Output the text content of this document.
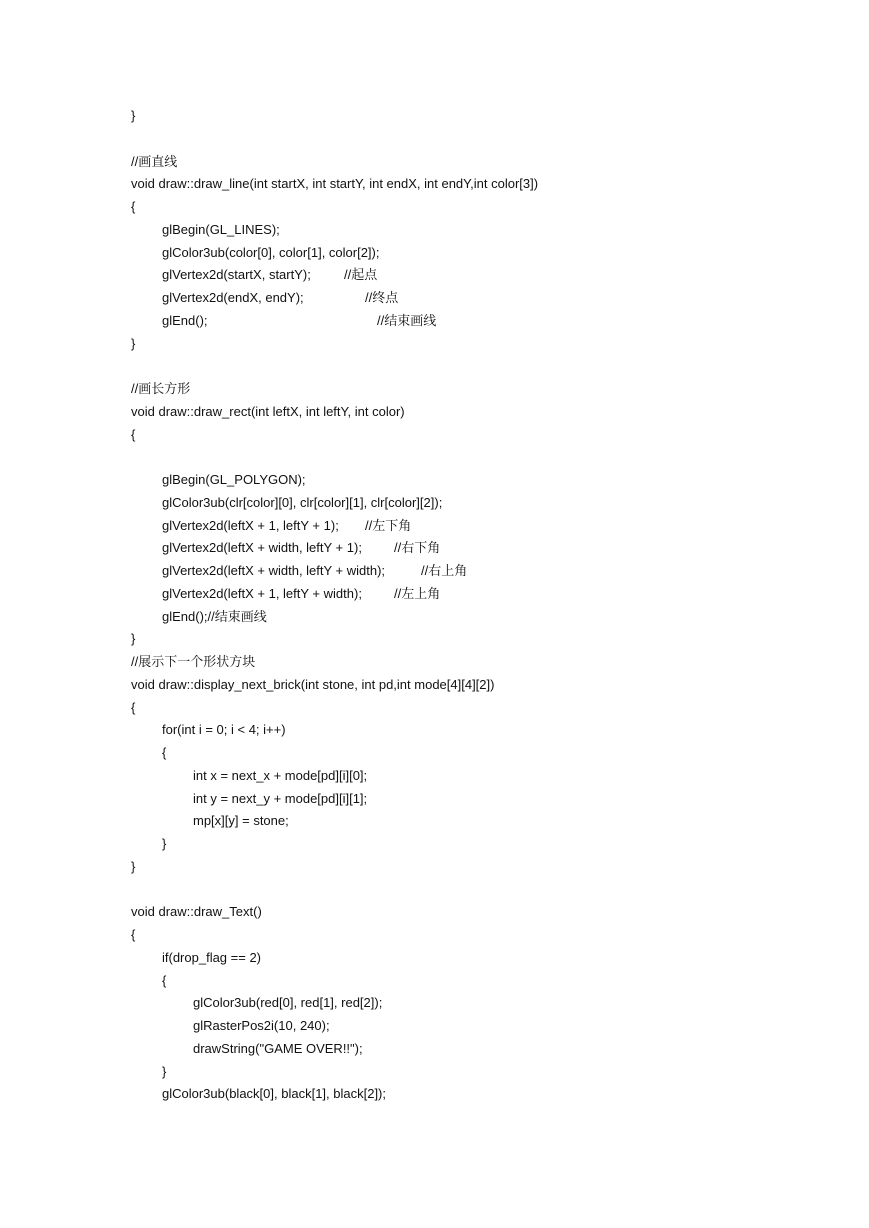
}
//画直线
void draw::draw_line(int startX, int startY, int endX, int endY,int color[3])
{
glBegin(GL_LINES);
glColor3ub(color[0], color[1], color[2]);
glVertex2d(startX, startY);	//起点
glVertex2d(endX, endY);	//终点
glEnd();	//结束画线
}
//画长方形
void draw::draw_rect(int leftX, int leftY, int color)
{
glBegin(GL_POLYGON);
glColor3ub(clr[color][0], clr[color][1], clr[color][2]);
glVertex2d(leftX + 1, leftY + 1); //左下角
glVertex2d(leftX + width, leftY + 1); //右下角
glVertex2d(leftX + width, leftY + width);	//右上角
glVertex2d(leftX + 1, leftY + width); //左上角
glEnd();//结束画线
}
//展示下一个形状方块
void draw::display_next_brick(int stone, int pd,int mode[4][4][2])
{
for(int i = 0; i < 4; i++)
{
int x = next_x + mode[pd][i][0];
int y = next_y + mode[pd][i][1];
mp[x][y] = stone;
}
}
void draw::draw_Text()
{
if(drop_flag == 2)
{
glColor3ub(red[0], red[1], red[2]);
glRasterPos2i(10, 240);
drawString("GAME OVER!!");
}
glColor3ub(black[0], black[1], black[2]);
